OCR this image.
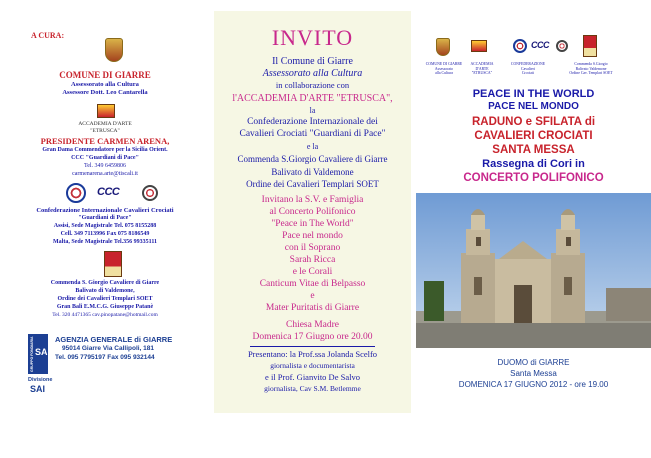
A CURA:
COMUNE DI GIARRE
Assessorato alla Cultura
Assessore Dott. Leo Cantarella
ACCADEMIA D'ARTE
"ETRUSCA"
PRESIDENTE CARMEN ARENA,
Gran Dama Commendatore per la Sicilia Orient.
CCC "Guardiani di Pace"
Tel. 349 6459806
carmenarena.arte@tiscali.it
CCC
Confederazione Internazionale Cavalieri Crociati
"Guardiani di Pace"
Assisi, Sede Magistrale Tel. 075 8155288
Cell. 349 7113996 Fax 075 8186549
Malta, Sede Magistrale Tel.356 99335111
Commenda S. Giorgio Cavaliere di Giarre
Balivato di Valdemone,
Ordine dei Cavalieri Templari SOET
Gran Bali E.M.C.G. Giuseppe Patanè
Tel. 320 4471365 cav.pinopatane@hotmail.com
GRUPPO FONDIARIA SAI
Divisione
SAI
AGENZIA GENERALE di GIARRE
95014 Giarre Via Callipoli, 181
Tel. 095 7795197 Fax 095 932144
INVITO
Il Comune di Giarre
Assessorato alla Cultura
in collaborazione con
l'ACCADEMIA D'ARTE "ETRUSCA",
la
Confederazione Internazionale dei
Cavalieri Crociati "Guardiani di Pace"
e la
Commenda S.Giorgio Cavaliere di Giarre
Balivato di Valdemone
Ordine dei Cavalieri Templari SOET
Invitano la S.V. e Famiglia
al Concerto Polifonico
"Peace in The World"
Pace nel mondo
con il Soprano
Sarah Ricca
e le Corali
Canticum Vitae di Belpasso
e
Mater Puritatis di Giarre
Chiesa Madre
Domenica 17 Giugno ore 20.00
Presentano: la Prof.ssa Jolanda Scelfo
giornalista e documentarista
e il Prof. Gianvito De Salvo
giornalista, Cav S.M. Betlemme
CCC
COMUNE DI GIARRE
Assessorato
alla Cultura
ACCADEMIA D'ARTE
"ETRUSCA"
CONFEDERAZIONE
Cavalieri
Crociati
Commenda S.Giorgio
Balivato Valdemone
Ordine Cav. Templari SOET
PEACE IN THE WORLD
PACE NEL MONDO
RADUNO e SFILATA di
CAVALIERI CROCIATI
SANTA MESSA
Rassegna di Cori in
CONCERTO POLIFONICO
DUOMO di GIARRE
Santa Messa
DOMENICA 17 GIUGNO 2012 - ore 19.00
